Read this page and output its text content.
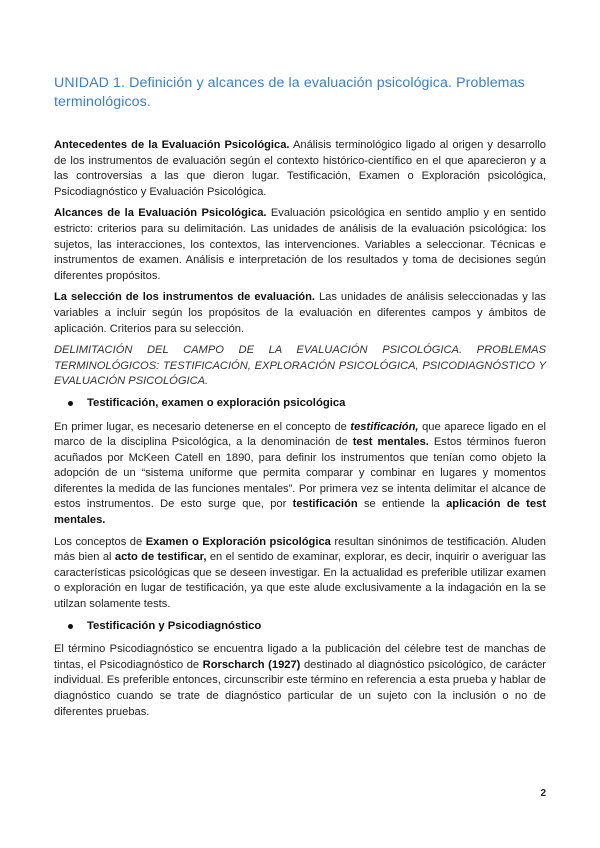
UNIDAD 1. Definición y alcances de la evaluación psicológica. Problemas terminológicos.

Antecedentes de la Evaluación Psicológica. Análisis terminológico ligado al origen y desarrollo de los instrumentos de evaluación según el contexto histórico-científico en el que aparecieron y a las controversias a las que dieron lugar. Testificación, Examen o Exploración psicológica, Psicodiagnóstico y Evaluación Psicológica.

Alcances de la Evaluación Psicológica. Evaluación psicológica en sentido amplio y en sentido estricto: criterios para su delimitación. Las unidades de análisis de la evaluación psicológica: los sujetos, las interacciones, los contextos, las intervenciones. Variables a seleccionar. Técnicas e instrumentos de examen. Análisis e interpretación de los resultados y toma de decisiones según diferentes propósitos.

La selección de los instrumentos de evaluación. Las unidades de análisis seleccionadas y las variables a incluir según los propósitos de la evaluación en diferentes campos y ámbitos de aplicación. Criterios para su selección.

DELIMITACIÓN DEL CAMPO DE LA EVALUACIÓN PSICOLÓGICA. PROBLEMAS TERMINOLÓGICOS: TESTIFICACIÓN, EXPLORACIÓN PSICOLÓGICA, PSICODIAGNÓSTICO Y EVALUACIÓN PSICOLÓGICA.

Testificación, examen o exploración psicológica

En primer lugar, es necesario detenerse en el concepto de testificación, que aparece ligado en el marco de la disciplina Psicológica, a la denominación de test mentales. Estos términos fueron acuñados por McKeen Catell en 1890, para definir los instrumentos que tenían como objeto la adopción de un “sistema uniforme que permita comparar y combinar en lugares y momentos diferentes la medida de las funciones mentales”. Por primera vez se intenta delimitar el alcance de estos instrumentos. De esto surge que, por testificación se entiende la aplicación de test mentales.

Los conceptos de Examen o Exploración psicológica resultan sinónimos de testificación. Aluden más bien al acto de testificar, en el sentido de examinar, explorar, es decir, inquirir o averiguar las características psicológicas que se deseen investigar. En la actualidad es preferible utilizar examen o exploración en lugar de testificación, ya que este alude exclusivamente a la indagación en la se utilzan solamente tests.

Testificación y Psicodiagnóstico

El término Psicodiagnóstico se encuentra ligado a la publicación del célebre test de manchas de tintas, el Psicodiagnóstico de Rorscharch (1927) destinado al diagnóstico psicológico, de carácter individual. Es preferible entonces, circunscribir este término en referencia a esta prueba y hablar de diagnóstico cuando se trate de diagnóstico particular de un sujeto con la inclusión o no de diferentes pruebas.

2
